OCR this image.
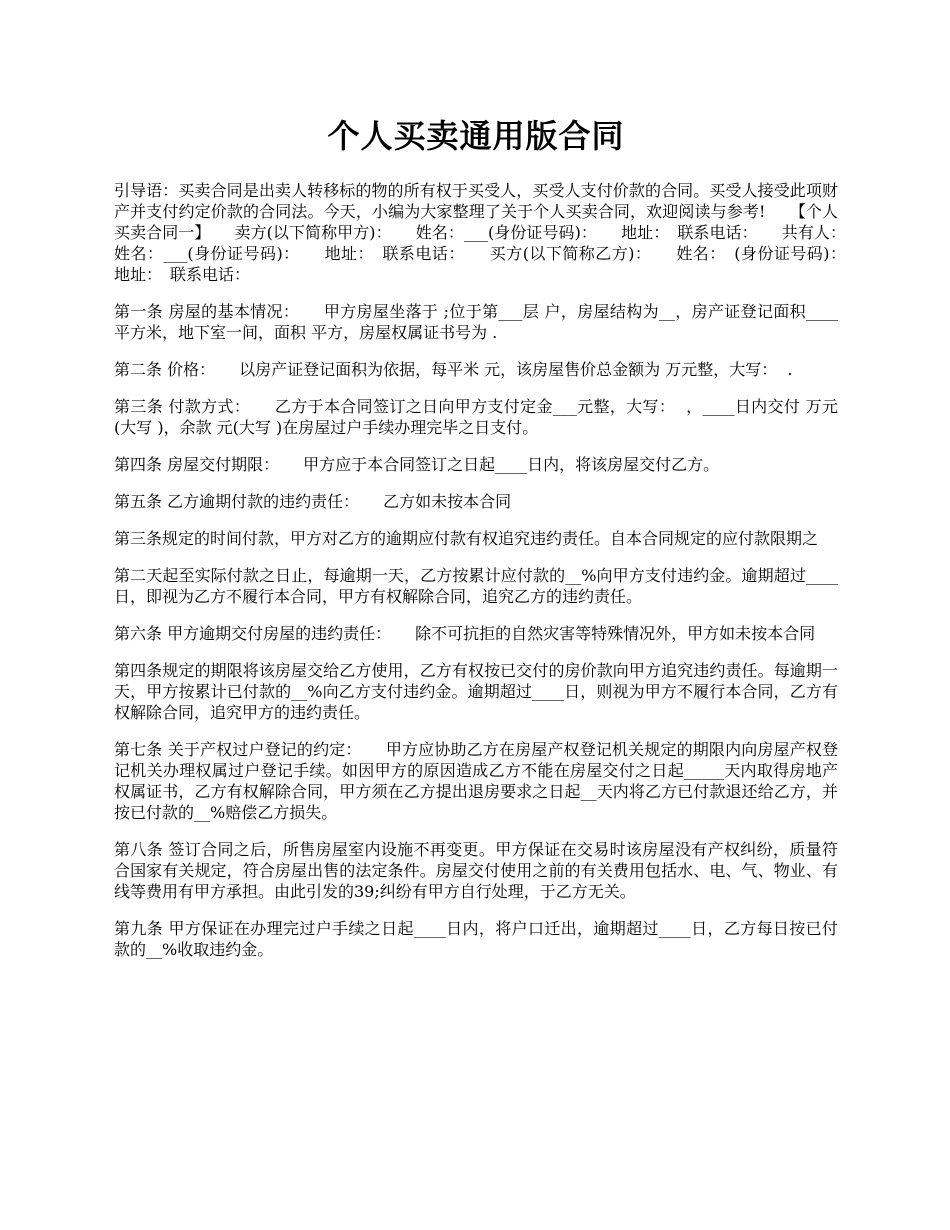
个人买卖通用版合同

引导语：买卖合同是出卖人转移标的物的所有权于买受人，买受人支付价款的合同。买受人接受此项财产并支付约定价款的合同法。今天，小编为大家整理了关于个人买卖合同，欢迎阅读与参考!　　【个人买卖合同一】　　卖方(以下简称甲方)：　　姓名：___(身份证号码)：　　地址：　联系电话：　　共有人：　姓名：___(身份证号码)：　　地址：　联系电话：　　买方(以下简称乙方)：　　姓名：　(身份证号码)：　　地址：　联系电话：

第一条 房屋的基本情况：　　甲方房屋坐落于 ;位于第___层 户，房屋结构为__，房产证登记面积____平方米，地下室一间，面积 平方，房屋权属证书号为 .

第二条 价格：　　以房产证登记面积为依据，每平米 元，该房屋售价总金额为 万元整，大写：  .

第三条 付款方式：　　乙方于本合同签订之日向甲方支付定金___元整，大写：  ，____日内交付 万元(大写 )，余款 元(大写 )在房屋过户手续办理完毕之日支付。

第四条 房屋交付期限：　　甲方应于本合同签订之日起____日内，将该房屋交付乙方。

第五条 乙方逾期付款的违约责任：　　乙方如未按本合同

第三条规定的时间付款，甲方对乙方的逾期应付款有权追究违约责任。自本合同规定的应付款限期之

第二天起至实际付款之日止，每逾期一天，乙方按累计应付款的__%向甲方支付违约金。逾期超过____日，即视为乙方不履行本合同，甲方有权解除合同，追究乙方的违约责任。

第六条 甲方逾期交付房屋的违约责任：　　除不可抗拒的自然灾害等特殊情况外，甲方如未按本合同

第四条规定的期限将该房屋交给乙方使用，乙方有权按已交付的房价款向甲方追究违约责任。每逾期一天，甲方按累计已付款的__%向乙方支付违约金。逾期超过____日，则视为甲方不履行本合同，乙方有权解除合同，追究甲方的违约责任。

第七条 关于产权过户登记的约定：　　甲方应协助乙方在房屋产权登记机关规定的期限内向房屋产权登记机关办理权属过户登记手续。如因甲方的原因造成乙方不能在房屋交付之日起_____天内取得房地产权属证书，乙方有权解除合同，甲方须在乙方提出退房要求之日起__天内将乙方已付款退还给乙方，并按已付款的__%赔偿乙方损失。

第八条 签订合同之后，所售房屋室内设施不再变更。甲方保证在交易时该房屋没有产权纠纷，质量符合国家有关规定，符合房屋出售的法定条件。房屋交付使用之前的有关费用包括水、电、气、物业、有线等费用有甲方承担。由此引发的39;纠纷有甲方自行处理，于乙方无关。

第九条 甲方保证在办理完过户手续之日起____日内，将户口迁出，逾期超过____日，乙方每日按已付款的__%收取违约金。
